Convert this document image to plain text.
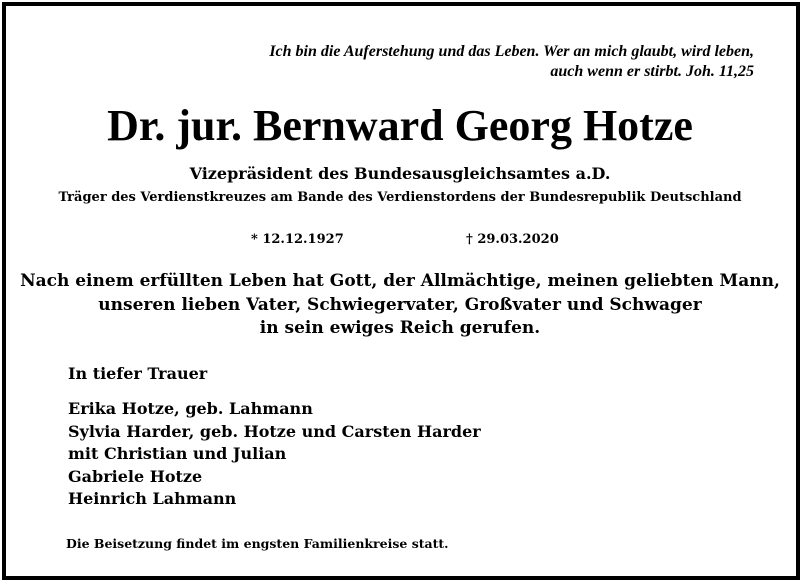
Ich bin die Auferstehung und das Leben. Wer an mich glaubt, wird leben,
auch wenn er stirbt. Joh. 11,25
Dr. jur. Bernward Georg Hotze
Vizepräsident des Bundesausgleichsamtes a.D.
Träger des Verdienstkreuzes am Bande des Verdienstordens der Bundesrepublik Deutschland
* 12.12.1927	† 29.03.2020
Nach einem erfüllten Leben hat Gott, der Allmächtige, meinen geliebten Mann,
unseren lieben Vater, Schwiegervater, Großvater und Schwager
in sein ewiges Reich gerufen.
In tiefer Trauer
Erika Hotze, geb. Lahmann
Sylvia Harder, geb. Hotze und Carsten Harder
mit Christian und Julian
Gabriele Hotze
Heinrich Lahmann
Die Beisetzung findet im engsten Familienkreise statt.
